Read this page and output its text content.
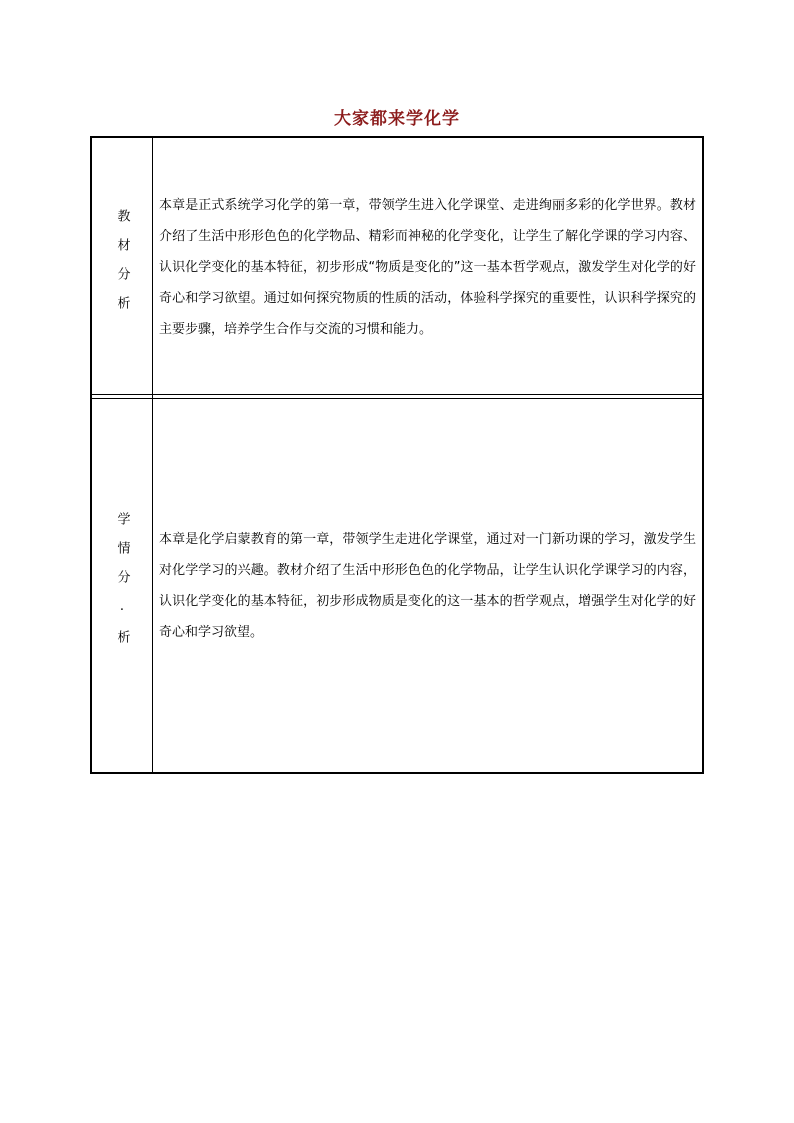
大家都来学化学
教材分析

本章是正式系统学习化学的第一章，带领学生进入化学课堂、走进绚丽多彩的化学世界。教材介绍了生活中形形色色的化学物品、精彩而神秘的化学变化，让学生了解化学课的学习内容、认识化学变化的基本特征，初步形成“物质是变化的”这一基本哲学观点，激发学生对化学的好奇心和学习欲望。通过如何探究物质的性质的活动，体验科学探究的重要性，认识科学探究的主要步骤，培养学生合作与交流的习惯和能力。

学情分.析	本章是化学启蒙教育的第一章，带领学生走进化学课堂，通过对一门新功课的学习，激发学生对化学学习的兴趣。教材介绍了生活中形形色色的化学物品，让学生认识化学课学习的内容，认识化学变化的基本特征，初步形成物质是变化的这一基本的哲学观点，增强学生对化学的好奇心和学习欲望。
